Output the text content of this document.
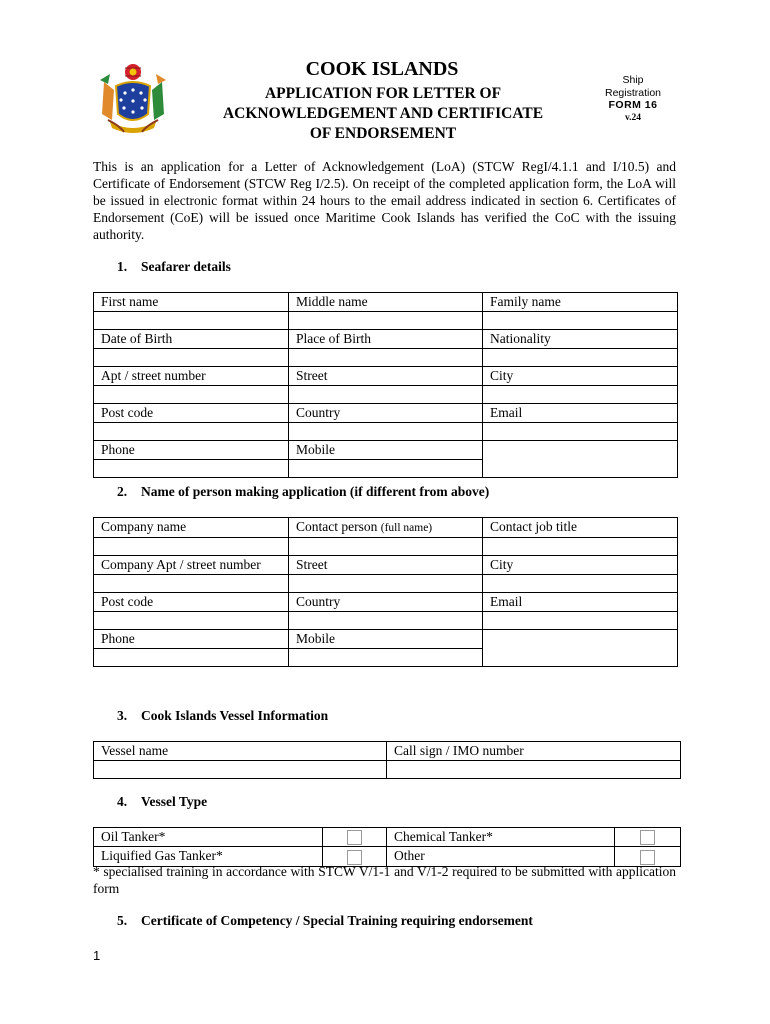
COOK ISLANDS
APPLICATION FOR LETTER OF
ACKNOWLEDGEMENT AND CERTIFICATE
OF ENDORSEMENT
Ship
Registration
FORM 16
v.24
This is an application for a Letter of Acknowledgement (LoA) (STCW RegI/4.1.1 and I/10.5) and Certificate of Endorsement (STCW Reg I/2.5). On receipt of the completed application form, the LoA will be issued in electronic format within 24 hours to the email address indicated in section 6. Certificates of Endorsement (CoE) will be issued once Maritime Cook Islands has verified the CoC with the issuing authority.
1. Seafarer details
First name	Middle name	Family name

Date of Birth	Place of Birth	Nationality

Apt / street number	Street	City

Post code	Country	Email

Phone	Mobile	

2. Name of person making application (if different from above)
Company name	Contact person (full name)	Contact job title

Company Apt / street number	Street	City

Post code	Country	Email

Phone	Mobile	

3. Cook Islands Vessel Information
Vessel name	Call sign / IMO number

4. Vessel Type
Oil Tanker*		Chemical Tanker*	
Liquified Gas Tanker*		Other	
* specialised training in accordance with STCW V/1-1 and V/1-2 required to be submitted with application form
5. Certificate of Competency / Special Training requiring endorsement
1
